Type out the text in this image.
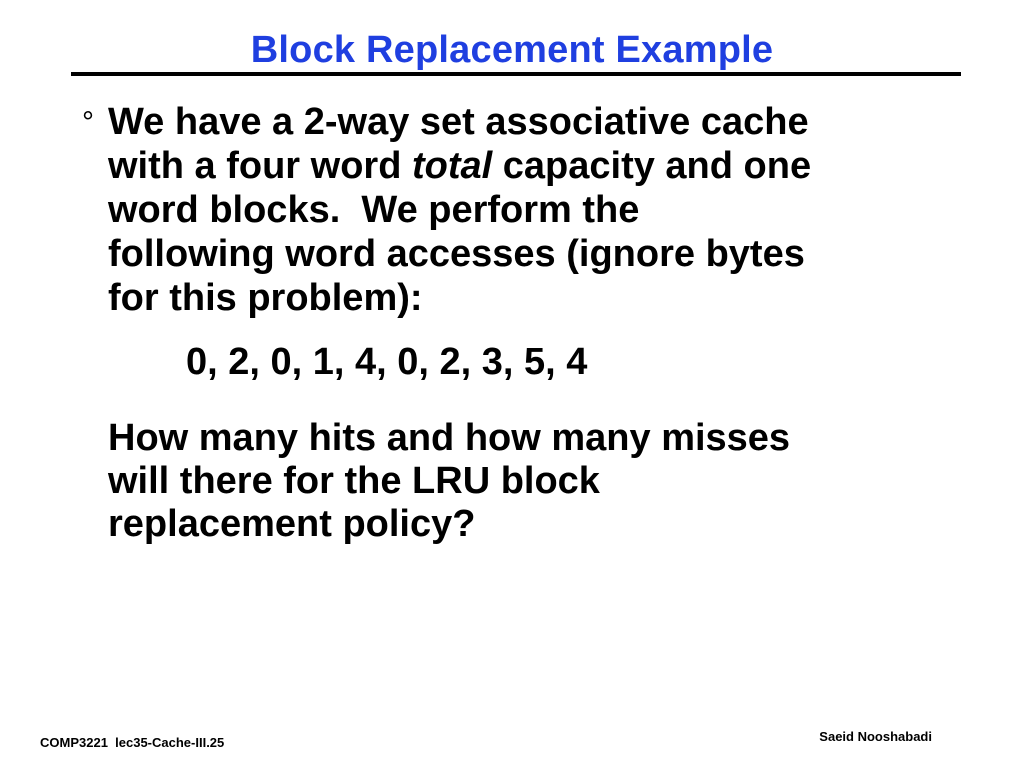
Block Replacement Example
° We have a 2-way set associative cache
with a four word total capacity and one
word blocks.  We perform the
following word accesses (ignore bytes
for this problem):
0, 2, 0, 1, 4, 0, 2, 3, 5, 4
How many hits and how many misses
will there for the LRU block
replacement policy?
COMP3221  lec35-Cache-III.25	Saeid Nooshabadi
